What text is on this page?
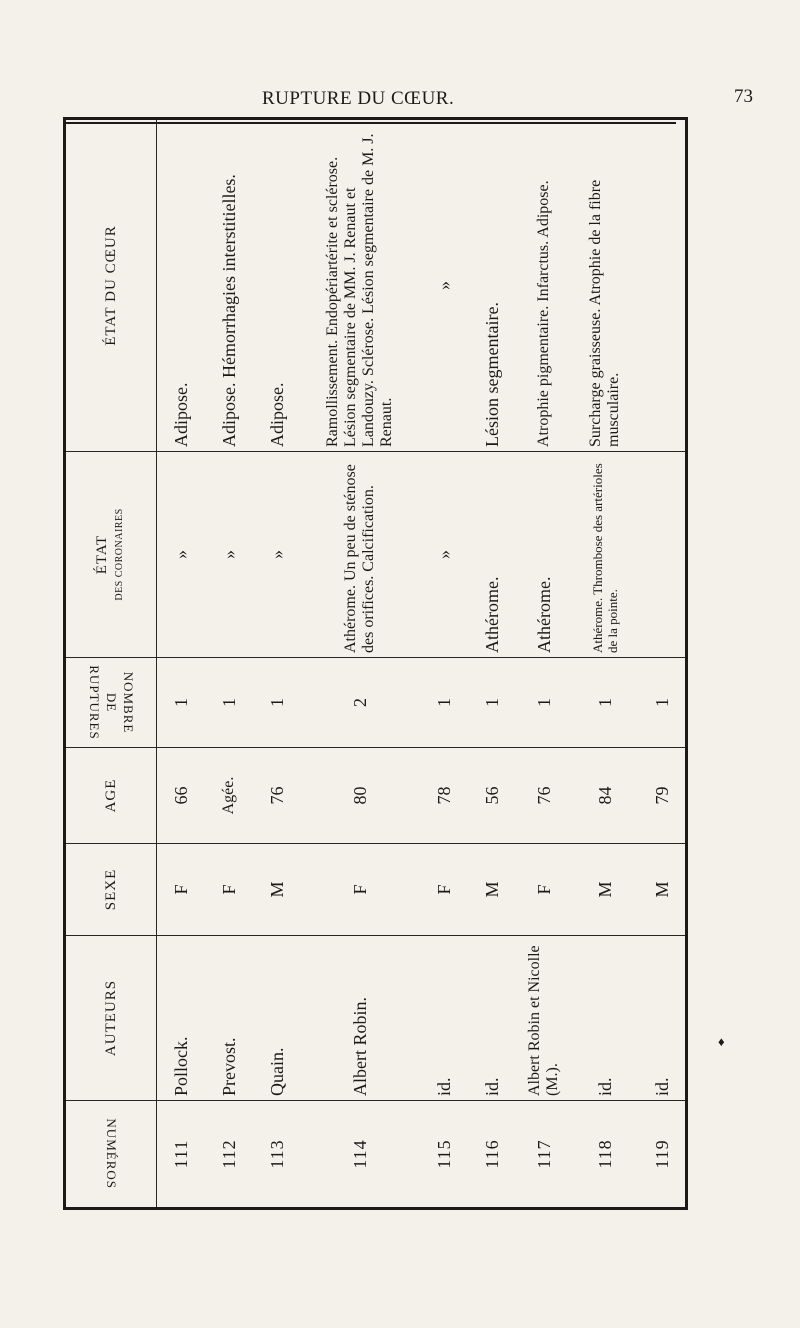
RUPTURE DU CŒUR.	73
NUMÉROS	AUTEURS	SEXE	AGE	NOMBRE DE RUPTURES	ÉTAT DES CORONAIRES	ÉTAT DU CŒUR
111	Pollock.	F	66	1	»	Adipose.
112	Prevost.	F	Agée.	1	»	Adipose. Hémorrhagies interstitielles.
113	Quain.	M	76	1	»	Adipose.
114	Albert Robin.	F	80	2	Athérome. Un peu de sténose des orifices. Calcification.	Ramollissement. Endopériartérite et sclérose. Lésion segmentaire de MM. J. Renaut et Landouzy. Sclérose. Lésion segmentaire de M. J. Renaut.
115	id.	F	78	1	»	»
116	id.	M	56	1	Athérome.	Lésion segmentaire.
117	Albert Robin et Nicolle (M.).	F	76	1	Athérome.	Atrophie pigmentaire. Infarctus. Adipose.
118	id.	M	84	1	Athérome. Thrombose des artérioles de la pointe.	Surcharge graisseuse. Atrophie de la fibre musculaire.
119	id.	M	79	1		
♦
